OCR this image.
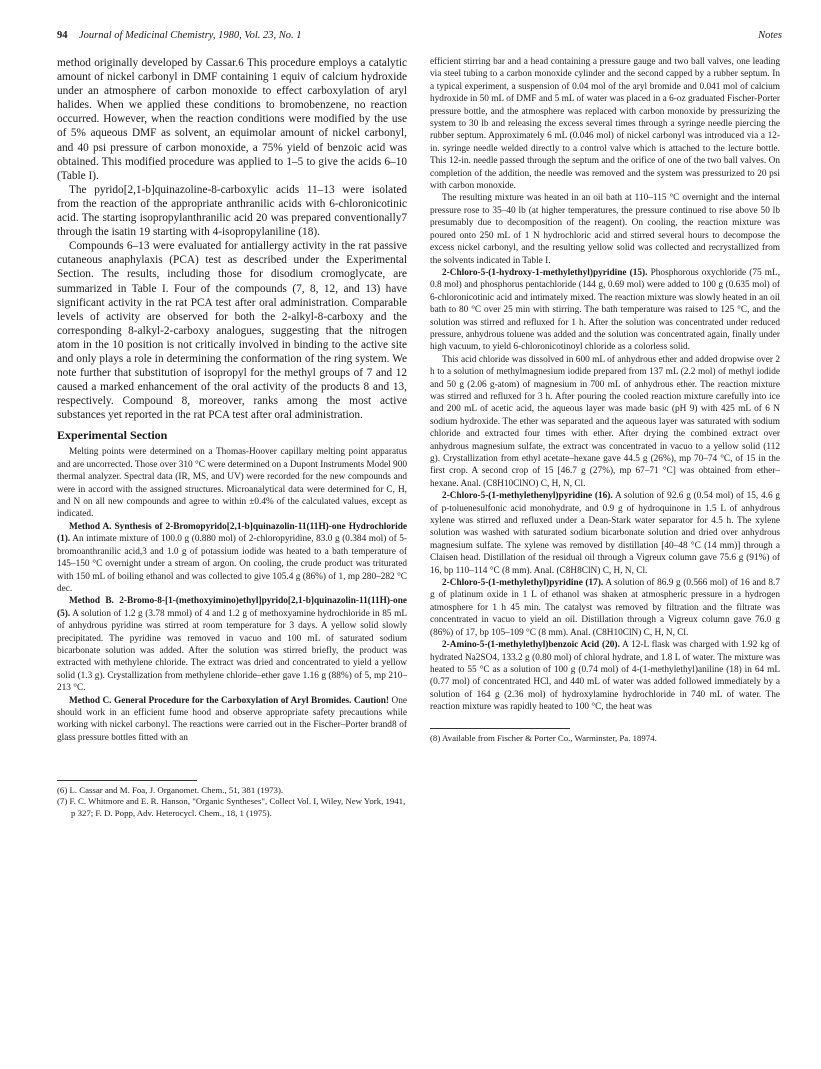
94 Journal of Medicinal Chemistry, 1980, Vol. 23, No. 1	Notes

method originally developed by Cassar.6 This procedure employs a catalytic amount of nickel carbonyl in DMF containing 1 equiv of calcium hydroxide under an atmosphere of carbon monoxide to effect carboxylation of aryl halides. When we applied these conditions to bromobenzene, no reaction occurred. However, when the reaction conditions were modified by the use of 5% aqueous DMF as solvent, an equimolar amount of nickel carbonyl, and 40 psi pressure of carbon monoxide, a 75% yield of benzoic acid was obtained. This modified procedure was applied to 1–5 to give the acids 6–10 (Table I).

The pyrido[2,1-b]quinazoline-8-carboxylic acids 11–13 were isolated from the reaction of the appropriate anthranilic acids with 6-chloronicotinic acid. The starting isopropylanthranilic acid 20 was prepared conventionally7 through the isatin 19 starting with 4-isopropylaniline (18).

Compounds 6–13 were evaluated for antiallergy activity in the rat passive cutaneous anaphylaxis (PCA) test as described under the Experimental Section. The results, including those for disodium cromoglycate, are summarized in Table I. Four of the compounds (7, 8, 12, and 13) have significant activity in the rat PCA test after oral administration. Comparable levels of activity are observed for both the 2-alkyl-8-carboxy and the corresponding 8-alkyl-2-carboxy analogues, suggesting that the nitrogen atom in the 10 position is not critically involved in binding to the active site and only plays a role in determining the conformation of the ring system. We note further that substitution of isopropyl for the methyl groups of 7 and 12 caused a marked enhancement of the oral activity of the products 8 and 13, respectively. Compound 8, moreover, ranks among the most active substances yet reported in the rat PCA test after oral administration.

Experimental Section

Melting points were determined on a Thomas-Hoover capillary melting point apparatus and are uncorrected. Those over 310 °C were determined on a Dupont Instruments Model 900 thermal analyzer. Spectral data (IR, MS, and UV) were recorded for the new compounds and were in accord with the assigned structures. Microanalytical data were determined for C, H, and N on all new compounds and agree to within ±0.4% of the calculated values, except as indicated.

Method A. Synthesis of 2-Bromopyrido[2,1-b]quinazolin-11(11H)-one Hydrochloride (1). An intimate mixture of 100.0 g (0.880 mol) of 2-chloropyridine, 83.0 g (0.384 mol) of 5-bromoanthranilic acid,3 and 1.0 g of potassium iodide was heated to a bath temperature of 145–150 °C overnight under a stream of argon. On cooling, the crude product was triturated with 150 mL of boiling ethanol and was collected to give 105.4 g (86%) of 1, mp 280–282 °C dec.

Method B. 2-Bromo-8-[1-(methoxyimino)ethyl]pyrido[2,1-b]quinazolin-11(11H)-one (5). A solution of 1.2 g (3.78 mmol) of 4 and 1.2 g of methoxyamine hydrochloride in 85 mL of anhydrous pyridine was stirred at room temperature for 3 days. A yellow solid slowly precipitated. The pyridine was removed in vacuo and 100 mL of saturated sodium bicarbonate solution was added. After the solution was stirred briefly, the product was extracted with methylene chloride. The extract was dried and concentrated to yield a yellow solid (1.3 g). Crystallization from methylene chloride–ether gave 1.16 g (88%) of 5, mp 210–213 °C.

Method C. General Procedure for the Carboxylation of Aryl Bromides. Caution! One should work in an efficient fume hood and observe appropriate safety precautions while working with nickel carbonyl. The reactions were carried out in the Fischer–Porter brand8 of glass pressure bottles fitted with an

(6) L. Cassar and M. Foa, J. Organomet. Chem., 51, 381 (1973).

(7) F. C. Whitmore and E. R. Hanson, "Organic Syntheses", Collect Vol. I, Wiley, New York, 1941, p 327; F. D. Popp, Adv. Heterocycl. Chem., 18, 1 (1975).

efficient stirring bar and a head containing a pressure gauge and two ball valves, one leading via steel tubing to a carbon monoxide cylinder and the second capped by a rubber septum. In a typical experiment, a suspension of 0.04 mol of the aryl bromide and 0.041 mol of calcium hydroxide in 50 mL of DMF and 5 mL of water was placed in a 6-oz graduated Fischer-Porter pressure bottle, and the atmosphere was replaced with carbon monoxide by pressurizing the system to 30 lb and releasing the excess several times through a syringe needle piercing the rubber septum. Approximately 6 mL (0.046 mol) of nickel carbonyl was introduced via a 12-in. syringe needle welded directly to a control valve which is attached to the lecture bottle. This 12-in. needle passed through the septum and the orifice of one of the two ball valves. On completion of the addition, the needle was removed and the system was pressurized to 20 psi with carbon monoxide.

The resulting mixture was heated in an oil bath at 110–115 °C overnight and the internal pressure rose to 35–40 lb (at higher temperatures, the pressure continued to rise above 50 lb presumably due to decomposition of the reagent). On cooling, the reaction mixture was poured onto 250 mL of 1 N hydrochloric acid and stirred several hours to decompose the excess nickel carbonyl, and the resulting yellow solid was collected and recrystallized from the solvents indicated in Table I.

2-Chloro-5-(1-hydroxy-1-methylethyl)pyridine (15). Phosphorous oxychloride (75 mL, 0.8 mol) and phosphorus pentachloride (144 g, 0.69 mol) were added to 100 g (0.635 mol) of 6-chloronicotinic acid and intimately mixed. The reaction mixture was slowly heated in an oil bath to 80 °C over 25 min with stirring. The bath temperature was raised to 125 °C, and the solution was stirred and refluxed for 1 h. After the solution was concentrated under reduced pressure, anhydrous toluene was added and the solution was concentrated again, finally under high vacuum, to yield 6-chloronicotinoyl chloride as a colorless solid.

This acid chloride was dissolved in 600 mL of anhydrous ether and added dropwise over 2 h to a solution of methylmagnesium iodide prepared from 137 mL (2.2 mol) of methyl iodide and 50 g (2.06 g-atom) of magnesium in 700 mL of anhydrous ether. The reaction mixture was stirred and refluxed for 3 h. After pouring the cooled reaction mixture carefully into ice and 200 mL of acetic acid, the aqueous layer was made basic (pH 9) with 425 mL of 6 N sodium hydroxide. The ether was separated and the aqueous layer was saturated with sodium chloride and extracted four times with ether. After drying the combined extract over anhydrous magnesium sulfate, the extract was concentrated in vacuo to a yellow solid (112 g). Crystallization from ethyl acetate–hexane gave 44.5 g (26%), mp 70–74 °C, of 15 in the first crop. A second crop of 15 [46.7 g (27%), mp 67–71 °C] was obtained from ether–hexane. Anal. (C8H10ClNO) C, H, N, Cl.

2-Chloro-5-(1-methylethenyl)pyridine (16). A solution of 92.6 g (0.54 mol) of 15, 4.6 g of p-toluenesulfonic acid monohydrate, and 0.9 g of hydroquinone in 1.5 L of anhydrous xylene was stirred and refluxed under a Dean-Stark water separator for 4.5 h. The xylene solution was washed with saturated sodium bicarbonate solution and dried over anhydrous magnesium sulfate. The xylene was removed by distillation [40–48 °C (14 mm)] through a Claisen head. Distillation of the residual oil through a Vigreux column gave 75.6 g (91%) of 16, bp 110–114 °C (8 mm). Anal. (C8H8ClN) C, H, N, Cl.

2-Chloro-5-(1-methylethyl)pyridine (17). A solution of 86.9 g (0.566 mol) of 16 and 8.7 g of platinum oxide in 1 L of ethanol was shaken at atmospheric pressure in a hydrogen atmosphere for 1 h 45 min. The catalyst was removed by filtration and the filtrate was concentrated in vacuo to yield an oil. Distillation through a Vigreux column gave 76.0 g (86%) of 17, bp 105–109 °C (8 mm). Anal. (C8H10ClN) C, H, N, Cl.

2-Amino-5-(1-methylethyl)benzoic Acid (20). A 12-L flask was charged with 1.92 kg of hydrated Na2SO4, 133.2 g (0.80 mol) of chloral hydrate, and 1.8 L of water. The mixture was heated to 55 °C as a solution of 100 g (0.74 mol) of 4-(1-methylethyl)aniline (18) in 64 mL (0.77 mol) of concentrated HCl, and 440 mL of water was added followed immediately by a solution of 164 g (2.36 mol) of hydroxylamine hydrochloride in 740 mL of water. The reaction mixture was rapidly heated to 100 °C, the heat was

(8) Available from Fischer & Porter Co., Warminster, Pa. 18974.
